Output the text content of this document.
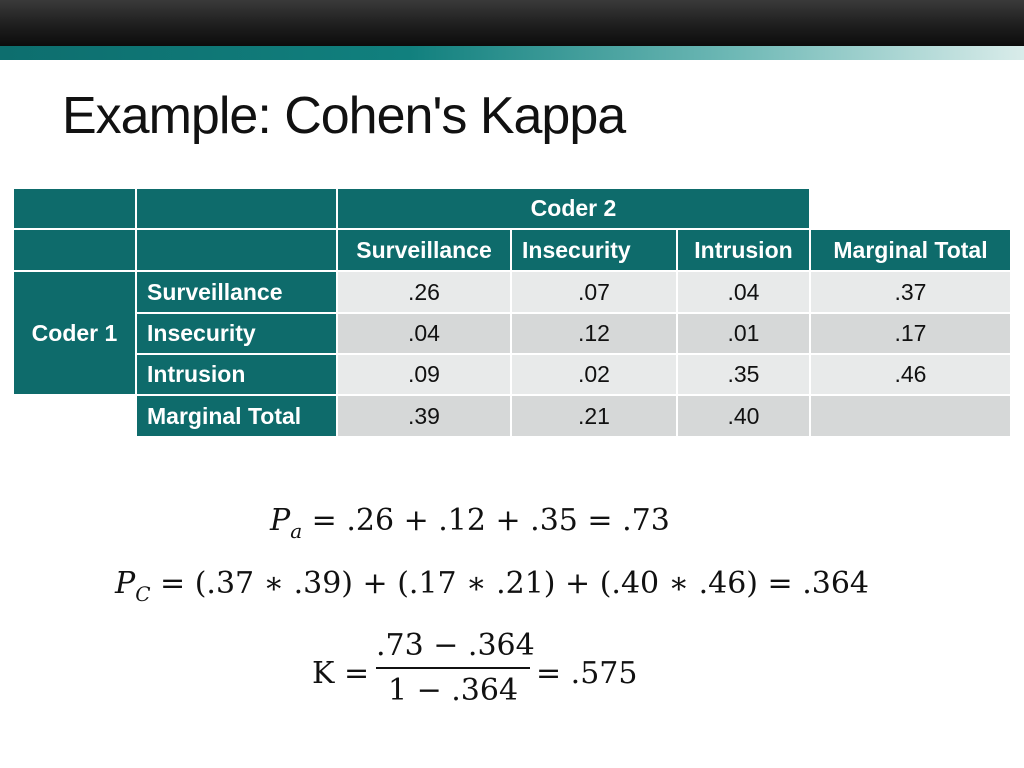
Example: Cohen's Kappa
Coder 2
Surveillance	Insecurity	Intrusion	Marginal Total
Coder 1
Surveillance	.26	.07	.04	.37
Insecurity	.04	.12	.01	.17
Intrusion	.09	.02	.35	.46
Marginal Total	.39	.21	.40
$P_a = .26 + .12 + .35 = .73$
$P_C = (.37$ ∗ .39) + (.17 ∗ .21) + (.40 ∗ .46) = .364
K =
.73 − .364
1 − .364 = .575
